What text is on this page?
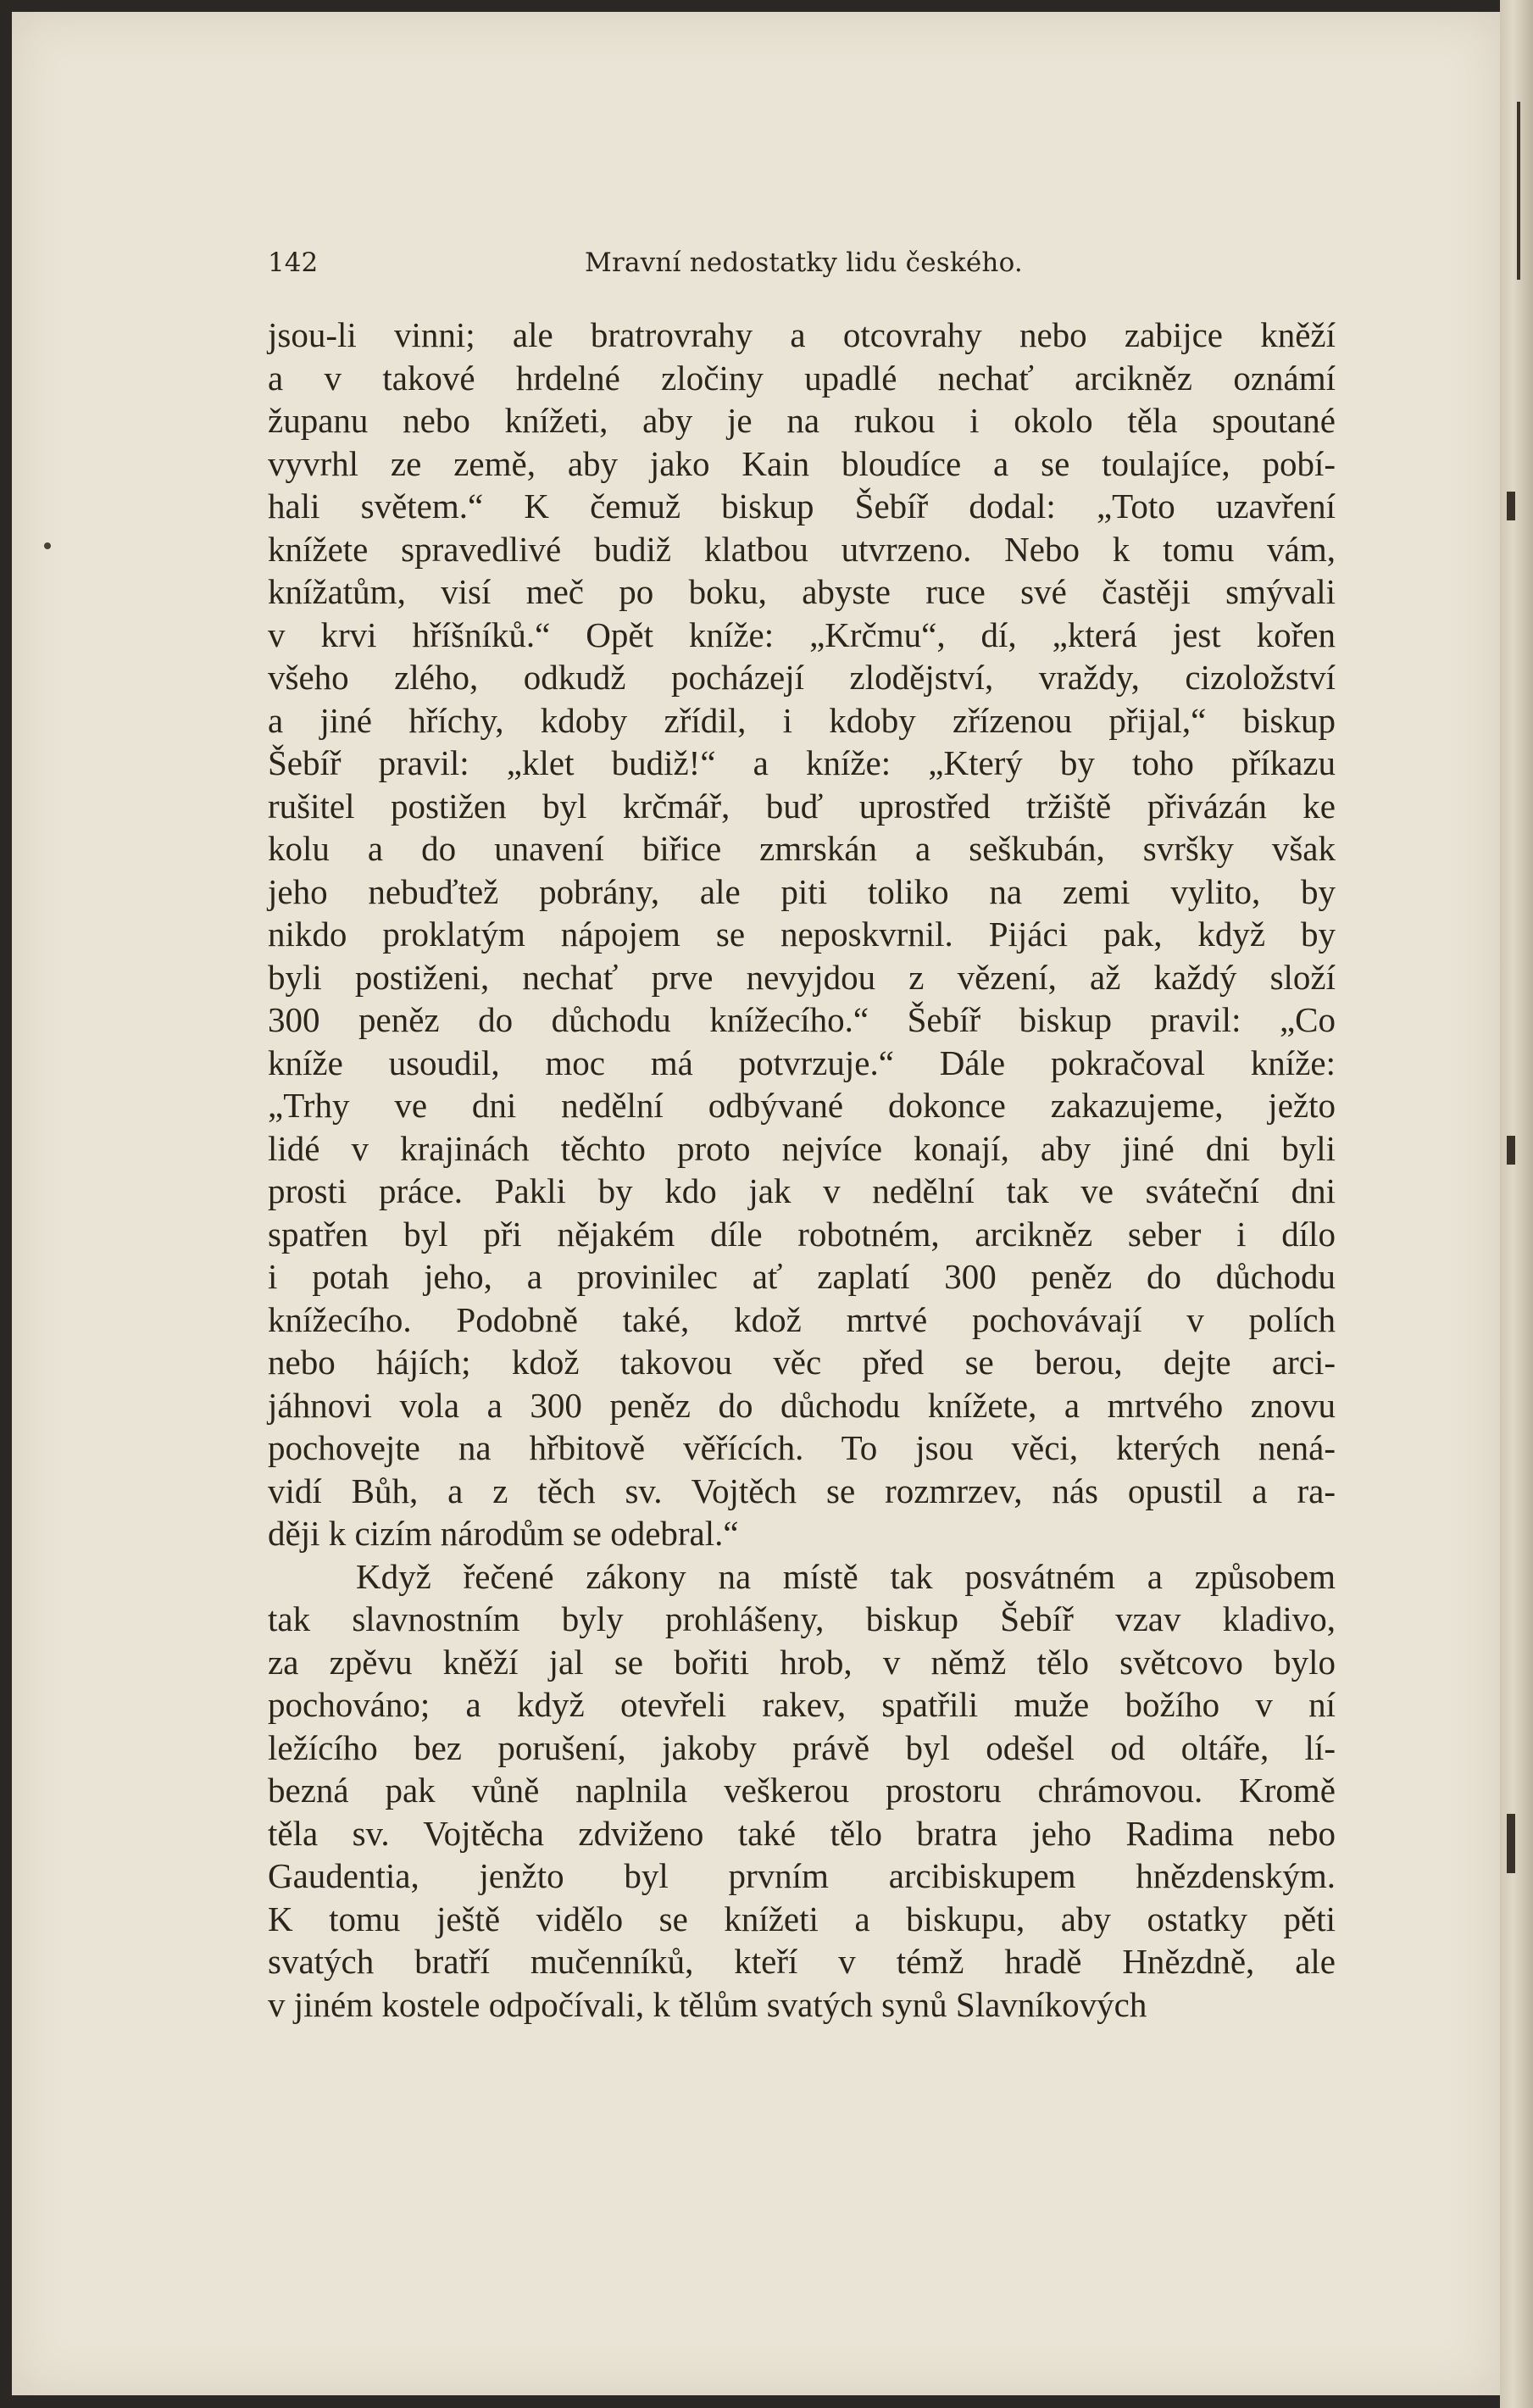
142	Mravní nedostatky lidu českého.
jsou-li vinni; ale bratrovrahy a otcovrahy nebo zabijce kněží
a v takové hrdelné zločiny upadlé nechať arcikněz oznámí
županu nebo knížeti, aby je na rukou i okolo těla spoutané
vyvrhl ze země, aby jako Kain bloudíce a se toulajíce, pobí-
hali světem.“ K čemuž biskup Šebíř dodal: „Toto uzavření
knížete spravedlivé budiž klatbou utvrzeno. Nebo k tomu vám,
knížatům, visí meč po boku, abyste ruce své častěji smývali
v krvi hříšníků.“ Opět kníže: „Krčmu“, dí, „která jest kořen
všeho zlého, odkudž pocházejí zlodějství, vraždy, cizoložství
a jiné hříchy, kdoby zřídil, i kdoby zřízenou přijal,“ biskup
Šebíř pravil: „klet budiž!“ a kníže: „Který by toho příkazu
rušitel postižen byl krčmář, buď uprostřed tržiště přivázán ke
kolu a do unavení biřice zmrskán a seškubán, svršky však
jeho nebuďtež pobrány, ale piti toliko na zemi vylito, by
nikdo proklatým nápojem se neposkvrnil. Pijáci pak, když by
byli postiženi, nechať prve nevyjdou z vězení, až každý složí
300 peněz do důchodu knížecího.“ Šebíř biskup pravil: „Co
kníže usoudil, moc má potvrzuje.“ Dále pokračoval kníže:
„Trhy ve dni nedělní odbývané dokonce zakazujeme, ježto
lidé v krajinách těchto proto nejvíce konají, aby jiné dni byli
prosti práce. Pakli by kdo jak v nedělní tak ve sváteční dni
spatřen byl při nějakém díle robotném, arcikněz seber i dílo
i potah jeho, a provinilec ať zaplatí 300 peněz do důchodu
knížecího. Podobně také, kdož mrtvé pochovávají v polích
nebo hájích; kdož takovou věc před se berou, dejte arci-
jáhnovi vola a 300 peněz do důchodu knížete, a mrtvého znovu
pochovejte na hřbitově věřících. To jsou věci, kterých nená-
vidí Bůh, a z těch sv. Vojtěch se rozmrzev, nás opustil a ra-
ději k cizím národům se odebral.“
Když řečené zákony na místě tak posvátném a způsobem
tak slavnostním byly prohlášeny, biskup Šebíř vzav kladivo,
za zpěvu kněží jal se bořiti hrob, v němž tělo světcovo bylo
pochováno; a když otevřeli rakev, spatřili muže božího v ní
ležícího bez porušení, jakoby právě byl odešel od oltáře, lí-
bezná pak vůně naplnila veškerou prostoru chrámovou. Kromě
těla sv. Vojtěcha zdviženo také tělo bratra jeho Radima nebo
Gaudentia, jenžto byl prvním arcibiskupem hnězdenským.
K tomu ještě vidělo se knížeti a biskupu, aby ostatky pěti
svatých bratří mučenníků, kteří v témž hradě Hnězdně, ale
v jiném kostele odpočívali, k tělům svatých synů Slavníkových
